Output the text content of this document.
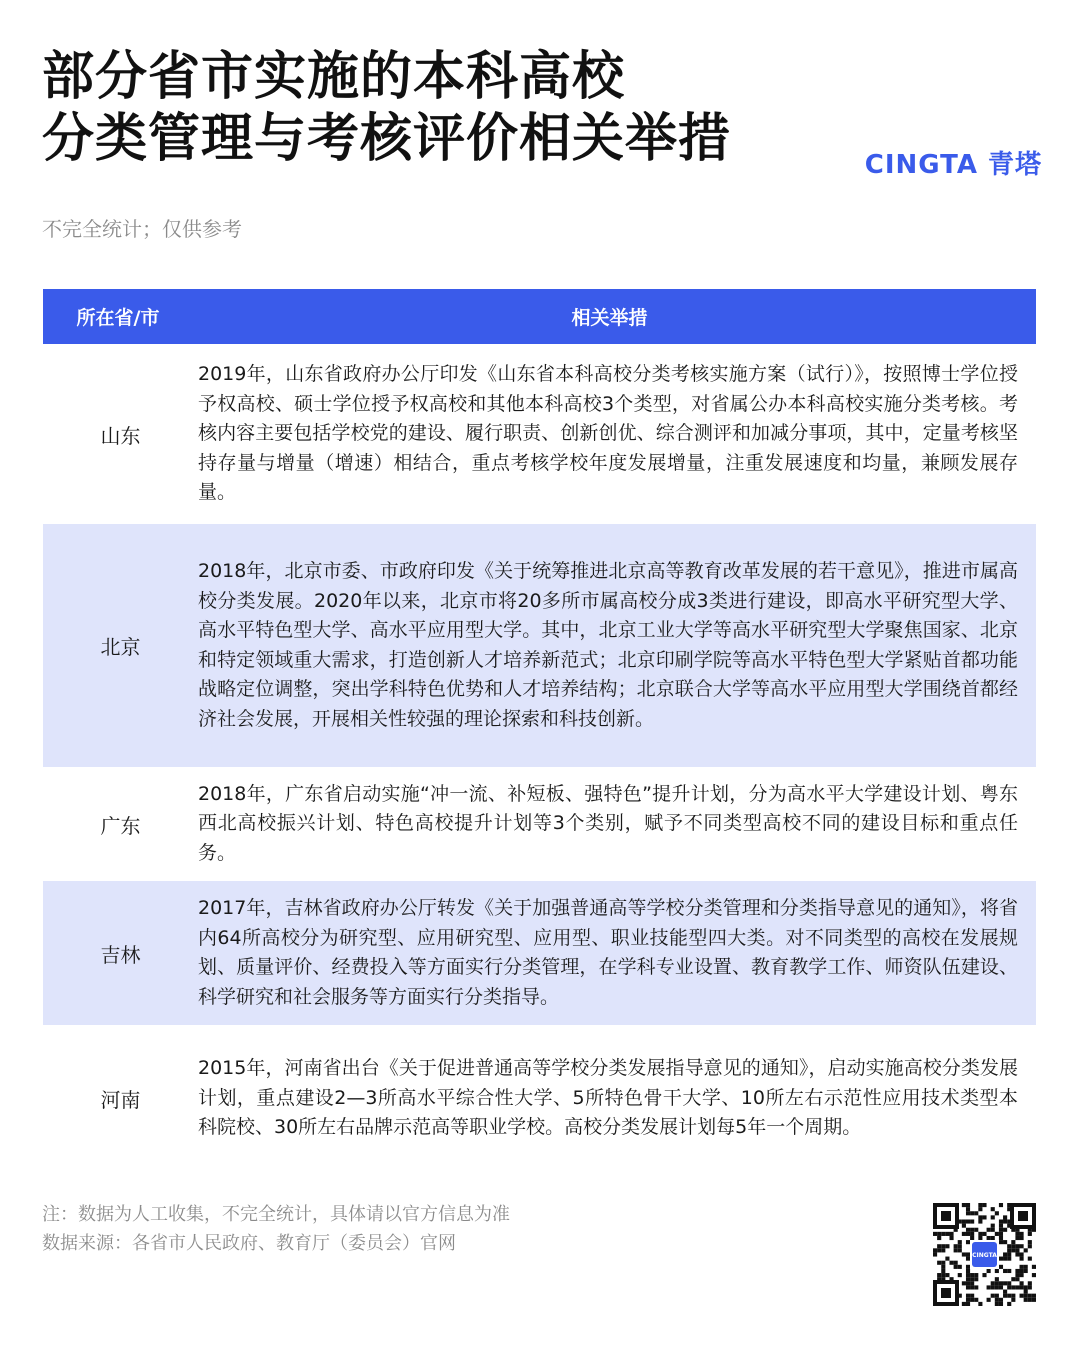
部分省市实施的本科高校
分类管理与考核评价相关举措	CINGTA 青塔
不完全统计；仅供参考
所在省/市	相关举措
山东
2019年，山东省政府办公厅印发《山东省本科高校分类考核实施方案（试行）》，按照博士学位授予权高校、硕士学位授予权高校和其他本科高校3个类型，对省属公办本科高校实施分类考核。考核内容主要包括学校党的建设、履行职责、创新创优、综合测评和加减分事项，其中，定量考核坚持存量与增量（增速）相结合，重点考核学校年度发展增量，注重发展速度和均量，兼顾发展存量。
北京
2018年，北京市委、市政府印发《关于统筹推进北京高等教育改革发展的若干意见》，推进市属高校分类发展。2020年以来，北京市将20多所市属高校分成3类进行建设，即高水平研究型大学、高水平特色型大学、高水平应用型大学。其中，北京工业大学等高水平研究型大学聚焦国家、北京和特定领域重大需求，打造创新人才培养新范式；北京印刷学院等高水平特色型大学紧贴首都功能战略定位调整，突出学科特色优势和人才培养结构；北京联合大学等高水平应用型大学围绕首都经济社会发展，开展相关性较强的理论探索和科技创新。
广东
2018年，广东省启动实施“冲一流、补短板、强特色”提升计划，分为高水平大学建设计划、粤东西北高校振兴计划、特色高校提升计划等3个类别，赋予不同类型高校不同的建设目标和重点任务。
吉林
2017年，吉林省政府办公厅转发《关于加强普通高等学校分类管理和分类指导意见的通知》，将省内64所高校分为研究型、应用研究型、应用型、职业技能型四大类。对不同类型的高校在发展规划、质量评价、经费投入等方面实行分类管理，在学科专业设置、教育教学工作、师资队伍建设、科学研究和社会服务等方面实行分类指导。
河南
2015年，河南省出台《关于促进普通高等学校分类发展指导意见的通知》，启动实施高校分类发展计划，重点建设2—3所高水平综合性大学、5所特色骨干大学、10所左右示范性应用技术类型本科院校、30所左右品牌示范高等职业学校。高校分类发展计划每5年一个周期。
注：数据为人工收集，不完全统计，具体请以官方信息为准
数据来源：各省市人民政府、教育厅（委员会）官网
CINGTA
